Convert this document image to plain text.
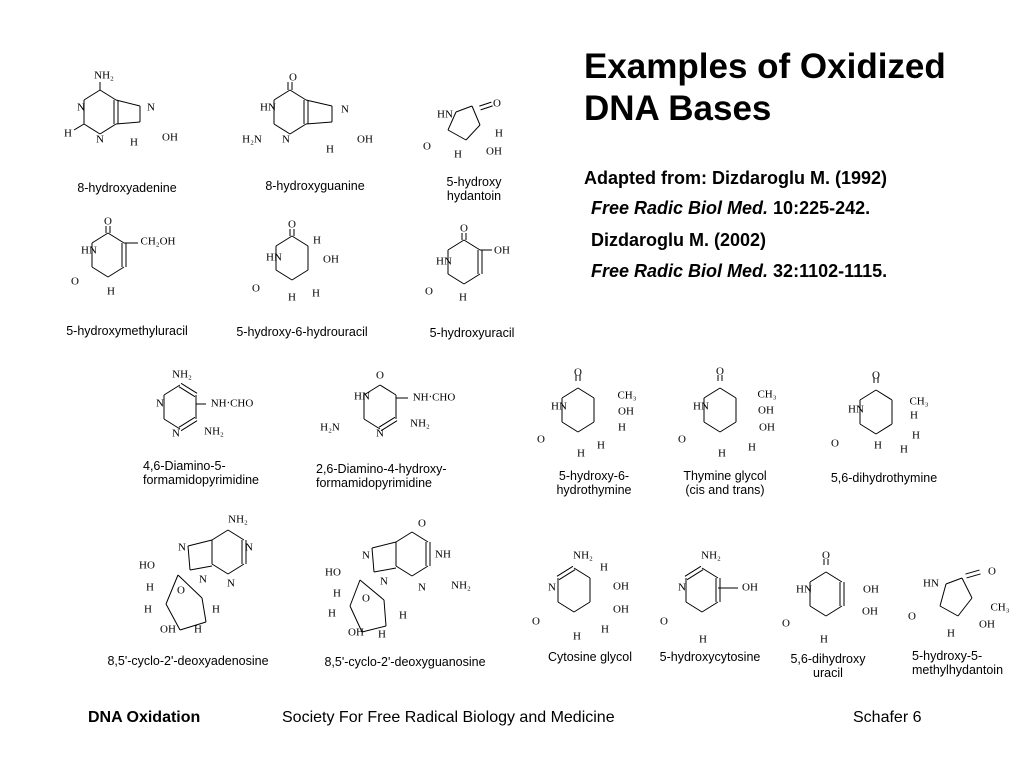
NH₂
N
N
H
N
H OH
O
HN
N
H₂N
N
H
OH
O
HN
O
H
H
OH
O
HN
CH₂OH
O
H
O
HN
H
OH
O
H H
O
HN
OH
O H
NH₂
N
N
NH‧CHO
NH₂
O
HN
N
H₂N
NH‧CHO
NH₂
O
HN
CH₃
OH
H
O
H
H
O
HN
CH₃
OH
OH
O
H H
O
HN
CH₃
H
H
O	H H
NH₂
N
N
N
N
HO
H
H
OH H
H
O
O
NH
NH₂
N
N
N
HO
H
H
OH H
H
O
NH₂
N
H
OH
OH
O
H
H
NH₂
N	OH
O
H
O
HN	OH
OH
O
H
HN
O
CH₃
OH
O
H
Examples of Oxidized
DNA Bases
Adapted from: Dizdaroglu M. (1992)
Free Radic Biol Med. 10:225-242.
Dizdaroglu M. (2002)
Free Radic Biol Med. 32:1102-1115.
8-hydroxyadenine	8-hydroxyguanine	5-hydroxy
hydantoin
5-hydroxymethyluracil	5-hydroxy-6-hydrouracil	5-hydroxyuracil
4,6-Diamino-5-
formamidopyrimidine
2,6-Diamino-4-hydroxy-
formamidopyrimidine	5-hydroxy-6-
hydrothymine
Thymine glycol
(cis and trans)
5,6-dihydrothymine
8,5'-cyclo-2'-deoxyadenosine	8,5'-cyclo-2'-deoxyguanosine	Cytosine glycol 5-hydroxycytosine 5,6-dihydroxy
uracil
5-hydroxy-5-
methylhydantoin
DNA Oxidation	Society For Free Radical Biology and Medicine	Schafer 6
